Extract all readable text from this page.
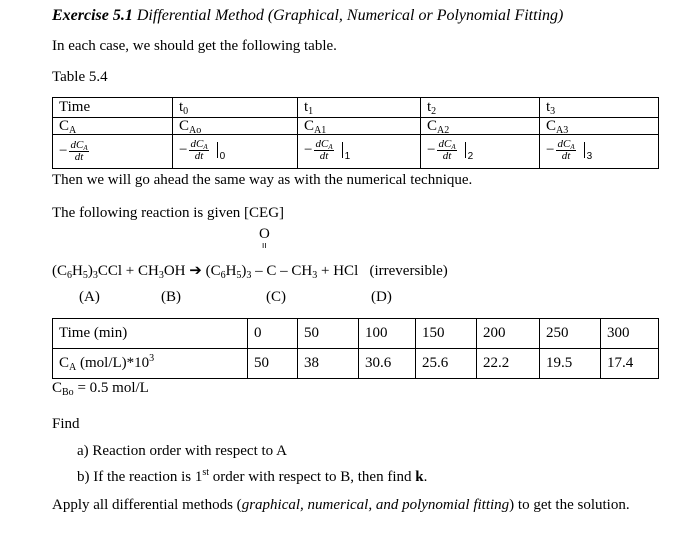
Exercise 5.1 Differential Method (Graphical, Numerical or Polynomial Fitting)
In each case, we should get the following table.
Table 5.4
Time	$t_0$	$t_1$	$t_2$	$t_3$
$C_A$	$C_{Ao}$	$C_{A1}$	$C_{A2}$	$C_{A3}$
− $\frac{dC_A}{dt}$	− $\frac{dC_A}{dt} _0$	− $\frac{dC_A}{dt} _1$	− $\frac{dC_A}{dt} _2$	− $\frac{dC_A}{dt} _3$
Then we will go ahead the same way as with the numerical technique.
The following reaction is given [CEG]
O
ıı
$(C_6H_5)_3CCl + CH_3OH$ ➔ $(C_6H_5)_3$ – C – $CH_3$ + HCl   (irreversible)
(A)	(B)	(C)	(D)
Time (min)	0	50	100	150	200	250	300
$C_A$ $(mol/L)*10^3$	50	38	30.6	25.6	22.2	19.5	17.4
$C_{Bo} = 0.5$ mol/L
Find
a) Reaction order with respect to A
b) If the reaction is 1st order with respect to B, then find k.
Apply all differential methods (graphical, numerical, and polynomial fitting) to get the solution.
